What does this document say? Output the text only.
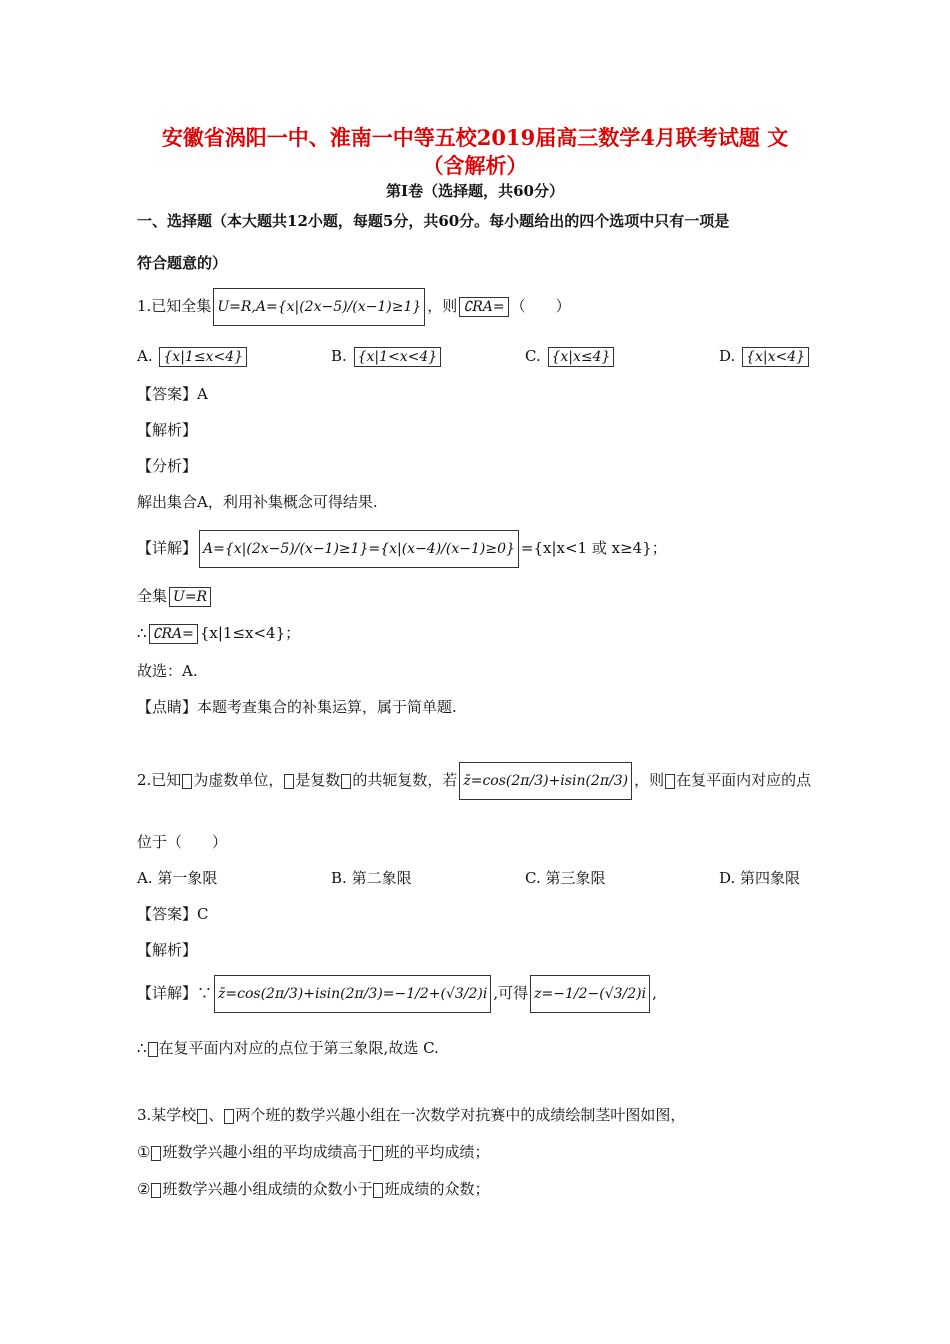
安徽省涡阳一中、淮南一中等五校2019届高三数学4月联考试题 文
（含解析）
第Ⅰ卷（选择题，共60分）
一、选择题（本大题共12小题，每题5分，共60分。每小题给出的四个选项中只有一项是
符合题意的）
1.已知全集 U=R,A={x|(2x−5)/(x−1)≥1} ，则 ∁RA= （　　）
A. {x|1≤x<4}	B. {x|1<x<4}	C. {x|x≤4}	D. {x|x<4}
【答案】A
【解析】
【分析】
解出集合A，利用补集概念可得结果.
【详解】 A={x|(2x−5)/(x−1)≥1}={x|(x−4)/(x−1)≥0} ={x|x<1 或 x≥4}；
全集 U=R
∴ ∁RA= {x|1≤x<4}；
故选：A.
【点睛】本题考查集合的补集运算，属于简单题.
2.已知 为虚数单位， 是复数 的共轭复数，若 z̄=cos(2π/3)+isin(2π/3) ，则 在复平面内对应的点
位于（　　）
A. 第一象限	B. 第二象限	C. 第三象限	D. 第四象限
【答案】C
【解析】
【详解】∵ z̄=cos(2π/3)+isin(2π/3)=−1/2+(√3/2)i ,可得 z=−1/2−(√3/2)i ,
∴ 在复平面内对应的点位于第三象限,故选 C.
3.某学校 、 两个班的数学兴趣小组在一次数学对抗赛中的成绩绘制茎叶图如图，
① 班数学兴趣小组的平均成绩高于 班的平均成绩；
② 班数学兴趣小组成绩的众数小于 班成绩的众数；
